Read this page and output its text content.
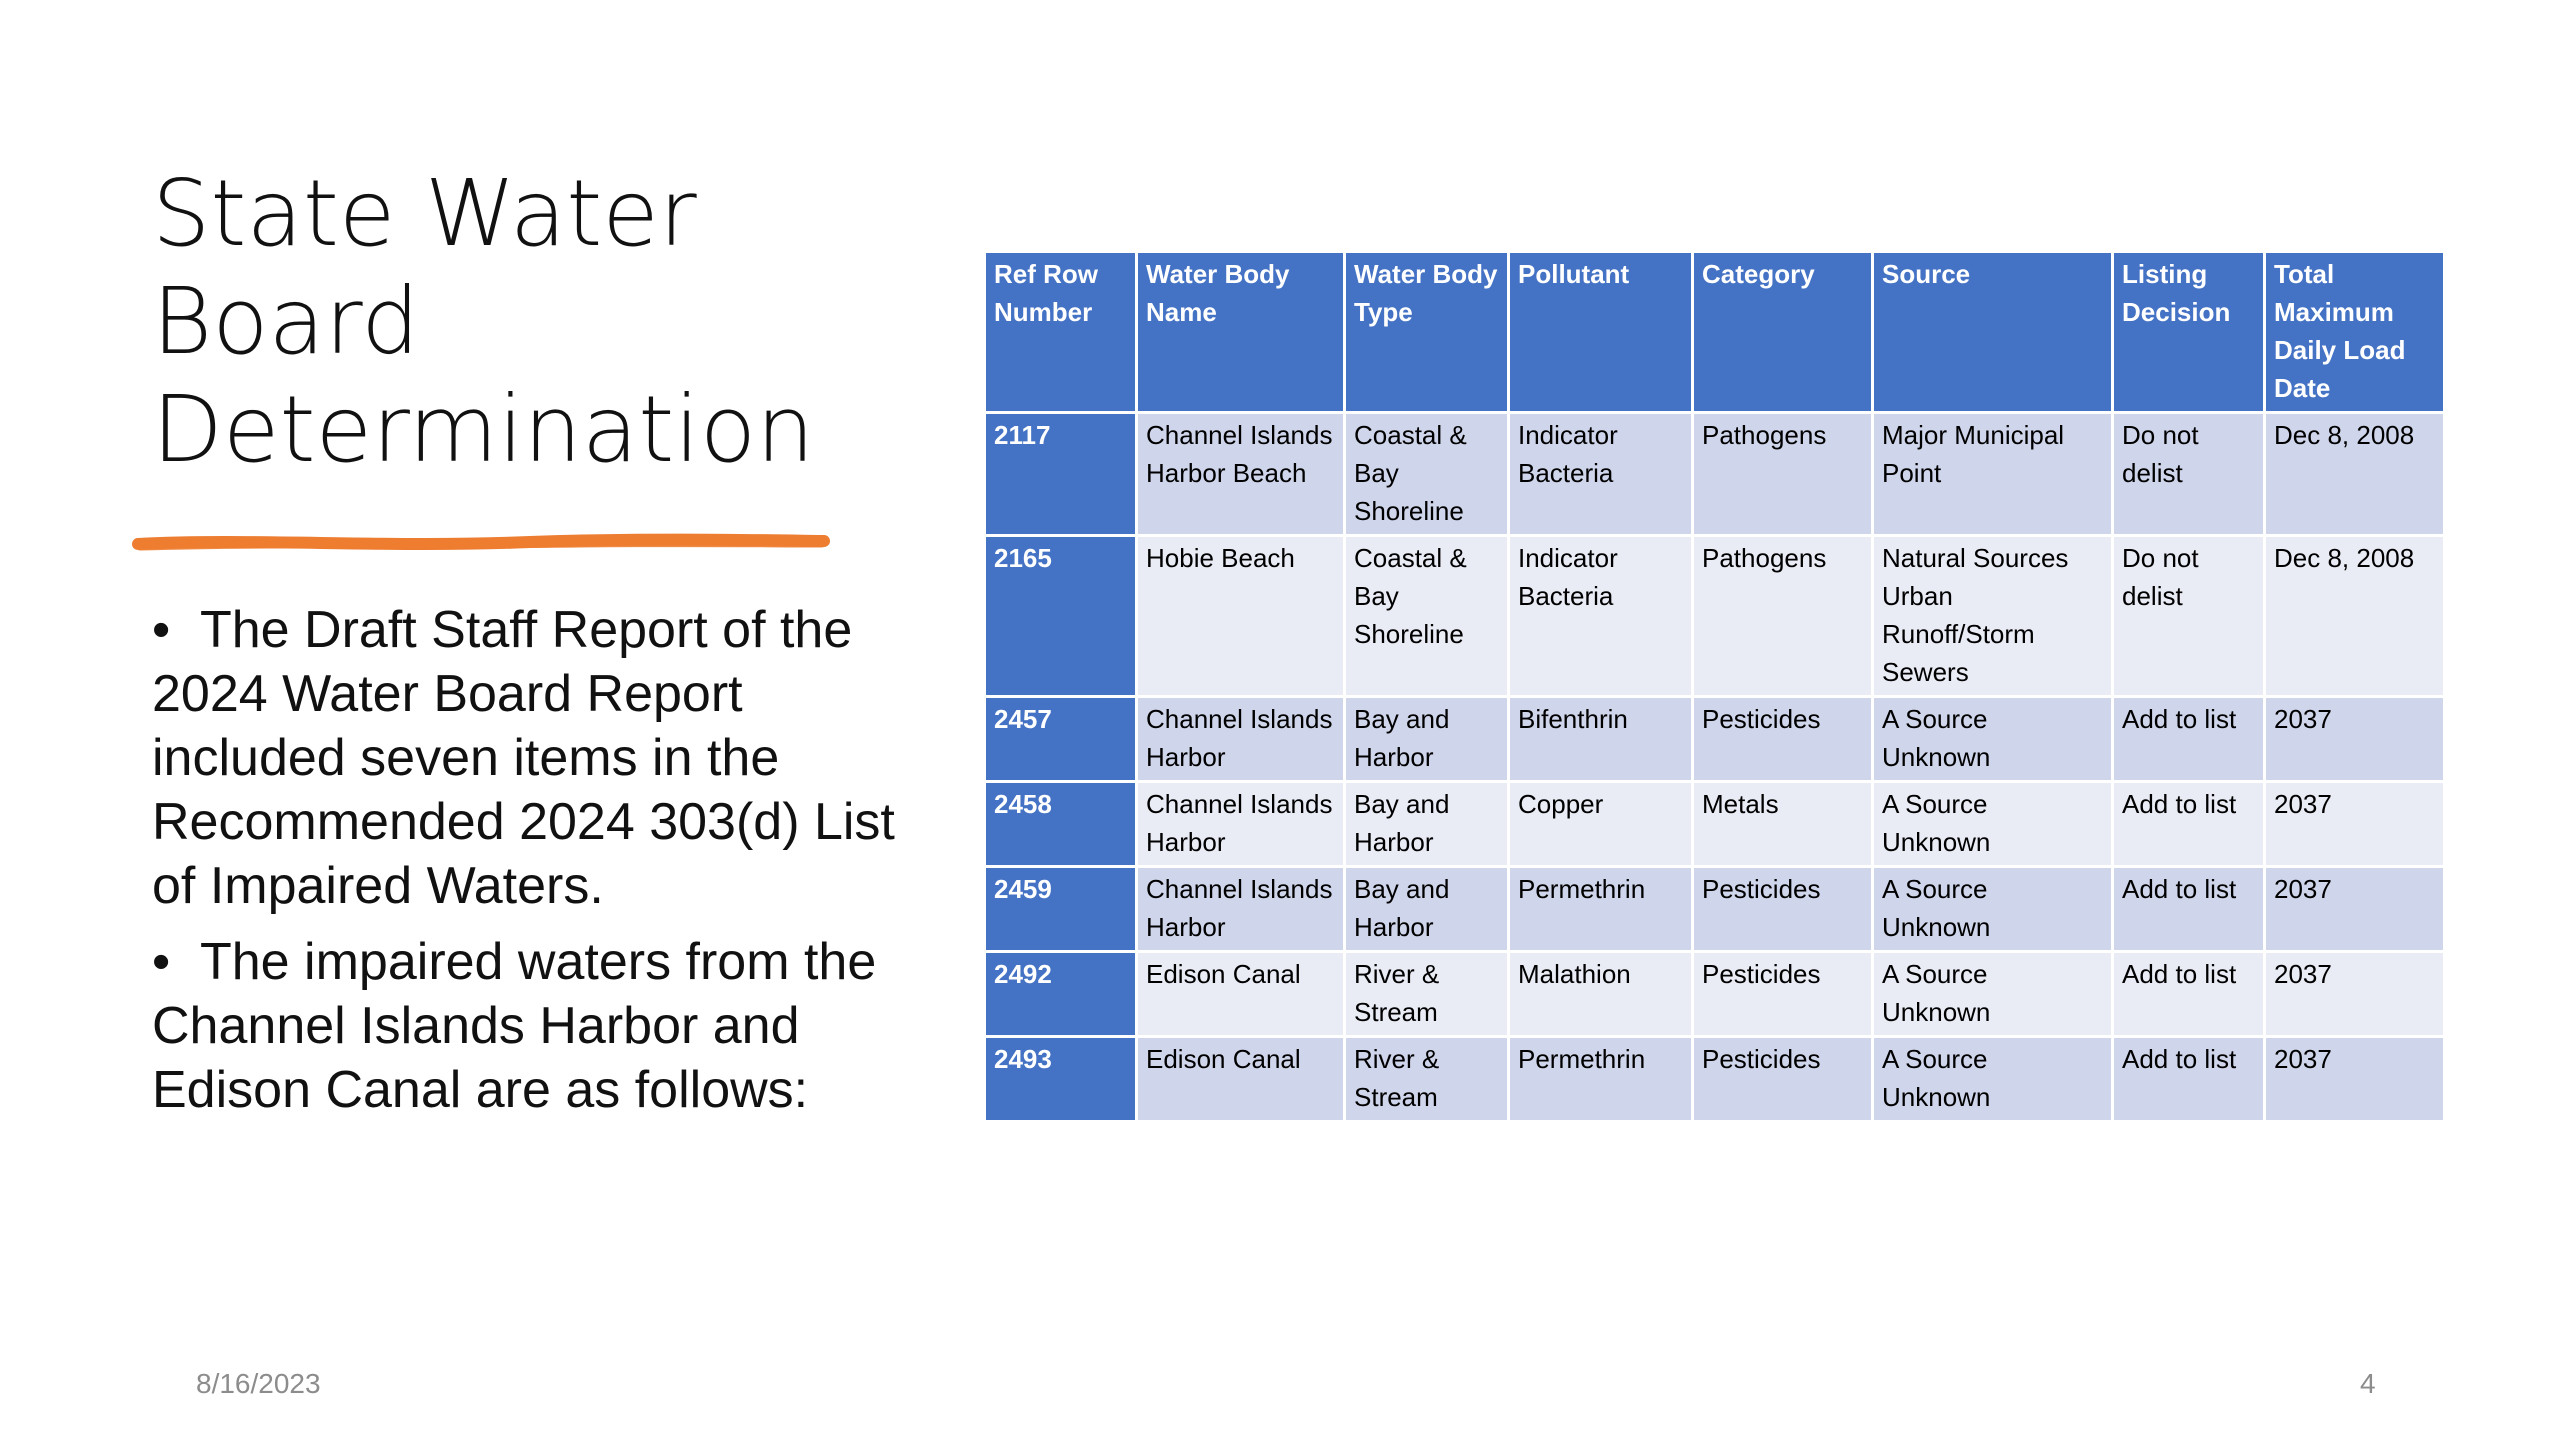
State Water
Board
Determination
• The Draft Staff Report of the 2024 Water Board Report included seven items in the Recommended 2024 303(d) List of Impaired Waters.
• The impaired waters from the Channel Islands Harbor and Edison Canal are as follows:
Ref Row Number	Water Body Name	Water Body Type	Pollutant	Category	Source	Listing Decision	Total Maximum Daily Load Date
2117	Channel Islands Harbor Beach	Coastal & Bay Shoreline	Indicator Bacteria	Pathogens	Major Municipal Point	Do not delist	Dec 8, 2008
2165	Hobie Beach	Coastal & Bay Shoreline	Indicator Bacteria	Pathogens	Natural Sources Urban Runoff/Storm Sewers	Do not delist	Dec 8, 2008
2457	Channel Islands Harbor	Bay and Harbor	Bifenthrin	Pesticides	A Source Unknown	Add to list	2037
2458	Channel Islands Harbor	Bay and Harbor	Copper	Metals	A Source Unknown	Add to list	2037
2459	Channel Islands Harbor	Bay and Harbor	Permethrin	Pesticides	A Source Unknown	Add to list	2037
2492	Edison Canal	River & Stream	Malathion	Pesticides	A Source Unknown	Add to list	2037
2493	Edison Canal	River & Stream	Permethrin	Pesticides	A Source Unknown	Add to list	2037
8/16/2023	4
